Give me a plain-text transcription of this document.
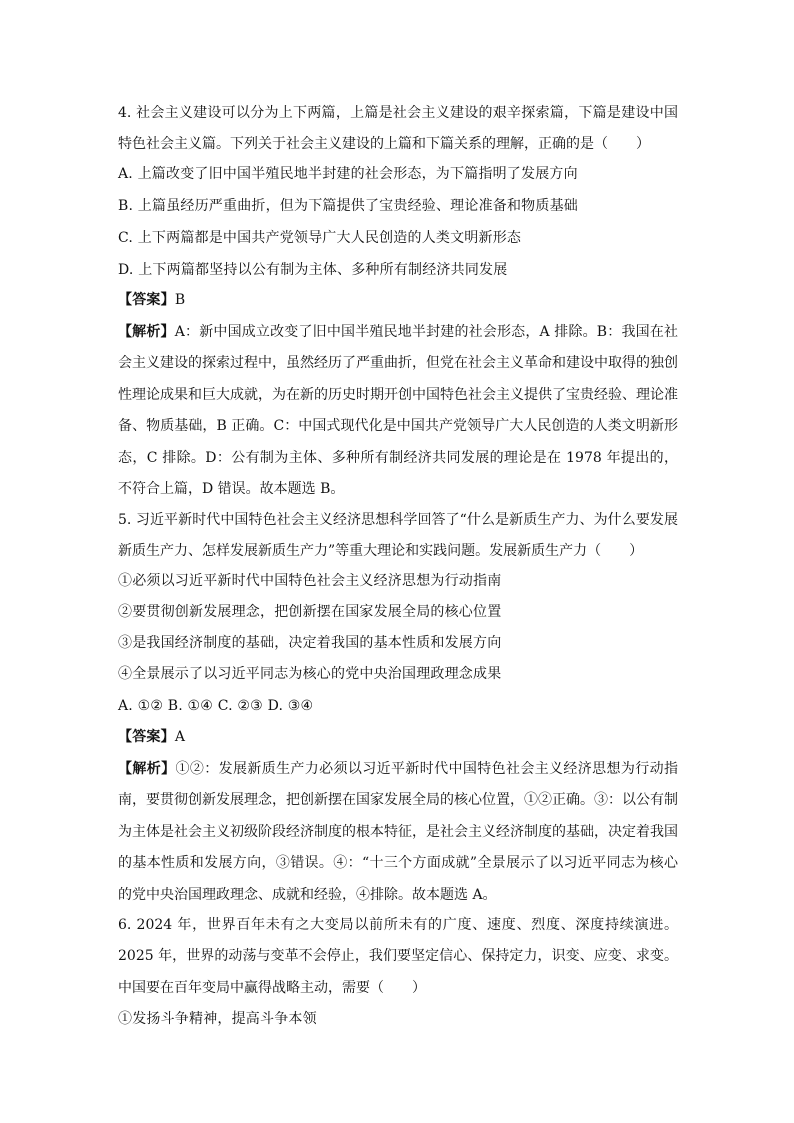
4. 社会主义建设可以分为上下两篇，上篇是社会主义建设的艰辛探索篇，下篇是建设中国特色社会主义篇。下列关于社会主义建设的上篇和下篇关系的理解，正确的是（　　）
A. 上篇改变了旧中国半殖民地半封建的社会形态，为下篇指明了发展方向
B. 上篇虽经历严重曲折，但为下篇提供了宝贵经验、理论准备和物质基础
C. 上下两篇都是中国共产党领导广大人民创造的人类文明新形态
D. 上下两篇都坚持以公有制为主体、多种所有制经济共同发展
【答案】B
【解析】A：新中国成立改变了旧中国半殖民地半封建的社会形态，A 排除。B：我国在社会主义建设的探索过程中，虽然经历了严重曲折，但党在社会主义革命和建设中取得的独创性理论成果和巨大成就，为在新的历史时期开创中国特色社会主义提供了宝贵经验、理论准备、物质基础，B 正确。C：中国式现代化是中国共产党领导广大人民创造的人类文明新形态，C 排除。D：公有制为主体、多种所有制经济共同发展的理论是在 1978 年提出的，不符合上篇，D 错误。故本题选 B。
5. 习近平新时代中国特色社会主义经济思想科学回答了“什么是新质生产力、为什么要发展新质生产力、怎样发展新质生产力”等重大理论和实践问题。发展新质生产力（　　）
①必须以习近平新时代中国特色社会主义经济思想为行动指南
②要贯彻创新发展理念，把创新摆在国家发展全局的核心位置
③是我国经济制度的基础，决定着我国的基本性质和发展方向
④全景展示了以习近平同志为核心的党中央治国理政理念成果
A. ①② B. ①④ C. ②③ D. ③④
【答案】A
【解析】①②：发展新质生产力必须以习近平新时代中国特色社会主义经济思想为行动指南，要贯彻创新发展理念，把创新摆在国家发展全局的核心位置，①②正确。③：以公有制为主体是社会主义初级阶段经济制度的根本特征，是社会主义经济制度的基础，决定着我国的基本性质和发展方向，③错误。④：“十三个方面成就”全景展示了以习近平同志为核心的党中央治国理政理念、成就和经验，④排除。故本题选 A。
6. 2024 年，世界百年未有之大变局以前所未有的广度、速度、烈度、深度持续演进。2025 年，世界的动荡与变革不会停止，我们要坚定信心、保持定力，识变、应变、求变。中国要在百年变局中赢得战略主动，需要（　　）
①发扬斗争精神，提高斗争本领
